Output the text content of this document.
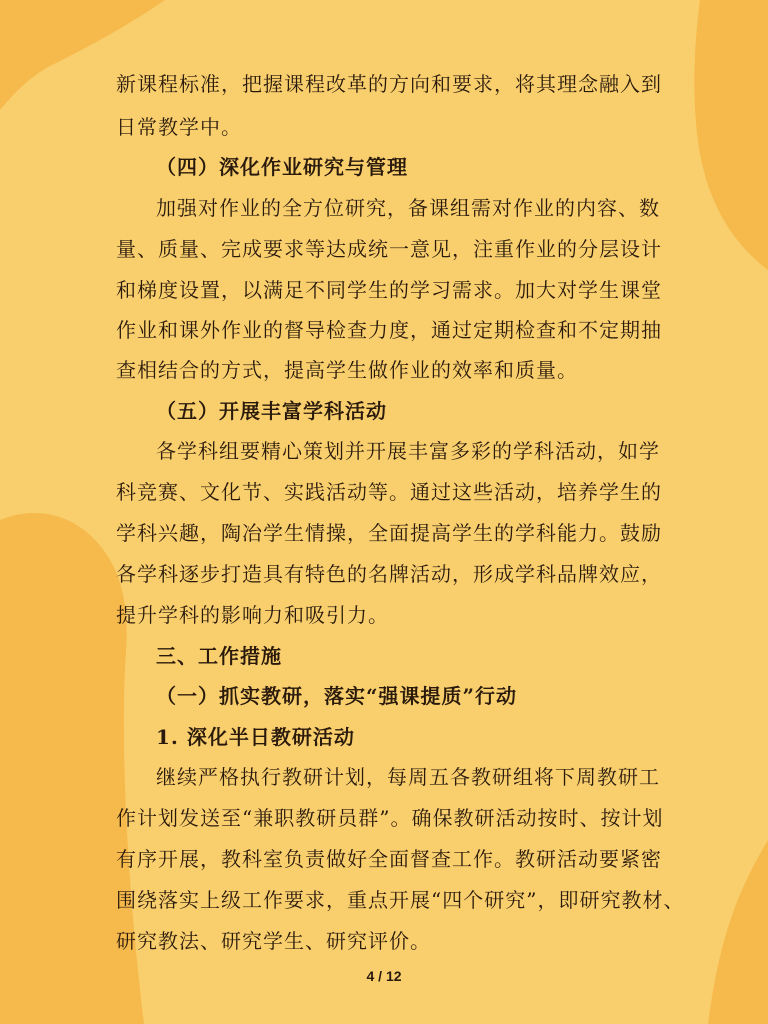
新课程标准，把握课程改革的方向和要求，将其理念融入到
日常教学中。
（四）深化作业研究与管理
加强对作业的全方位研究，备课组需对作业的内容、数
量、质量、完成要求等达成统一意见，注重作业的分层设计
和梯度设置，以满足不同学生的学习需求。加大对学生课堂
作业和课外作业的督导检查力度，通过定期检查和不定期抽
查相结合的方式，提高学生做作业的效率和质量。
（五）开展丰富学科活动
各学科组要精心策划并开展丰富多彩的学科活动，如学
科竞赛、文化节、实践活动等。通过这些活动，培养学生的
学科兴趣，陶冶学生情操，全面提高学生的学科能力。鼓励
各学科逐步打造具有特色的名牌活动，形成学科品牌效应，
提升学科的影响力和吸引力。
三、工作措施
（一）抓实教研，落实“强课提质”行动
1. 深化半日教研活动
继续严格执行教研计划，每周五各教研组将下周教研工
作计划发送至“兼职教研员群”。确保教研活动按时、按计划
有序开展，教科室负责做好全面督查工作。教研活动要紧密
围绕落实上级工作要求，重点开展“四个研究”，即研究教材、
研究教法、研究学生、研究评价。
4 / 12
